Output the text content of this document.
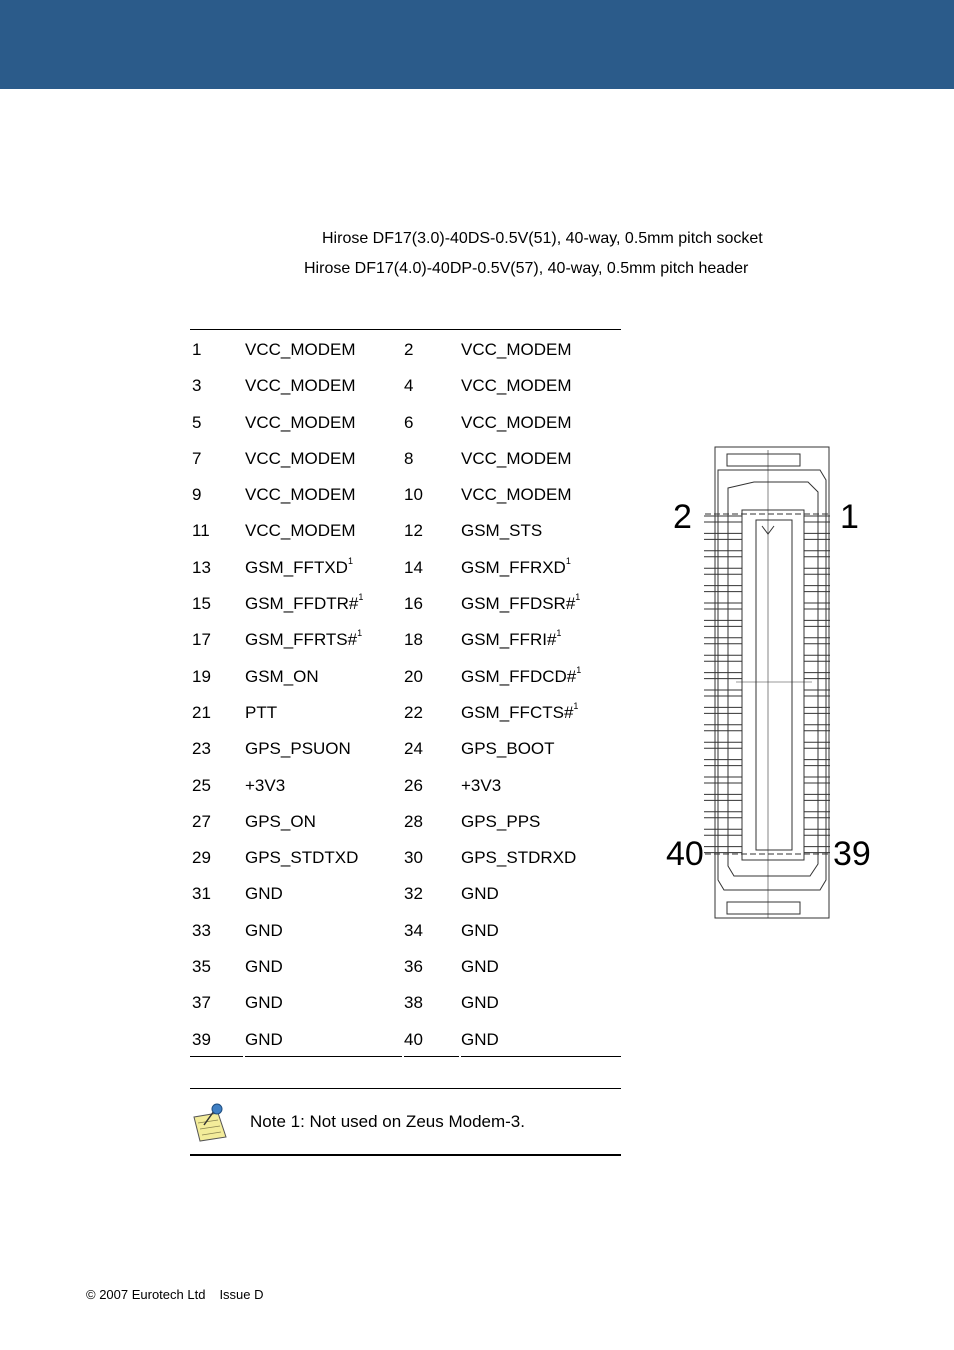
Hirose DF17(3.0)-40DS-0.5V(51), 40-way, 0.5mm pitch socket
Hirose DF17(4.0)-40DP-0.5V(57), 40-way, 0.5mm pitch header
1	VCC_MODEM	2	VCC_MODEM
3	VCC_MODEM	4	VCC_MODEM
5	VCC_MODEM	6	VCC_MODEM
7	VCC_MODEM	8	VCC_MODEM
9	VCC_MODEM	10 VCC_MODEM
11 VCC_MODEM	12 GSM_STS
13 GSM_FFTXD$^1$	14 GSM_FFRXD$^1$
15 GSM_FFDTR#$^1$ 16 GSM_FFDSR#$^1$
17 GSM_FFRTS#$^1$ 18 GSM_FFRI#$^1$
19 GSM_ON	20 GSM_FFDCD#$^1$
21 PTT	22 GSM_FFCTS#$^1$
23 GPS_PSUON	24 GPS_BOOT
25 +3V3	26 +3V3
27 GPS_ON	28 GPS_PPS
29 GPS_STDTXD	30 GPS_STDRXD
31 GND	32 GND
33 GND	34 GND
35 GND	36 GND
37 GND	38 GND
39 GND	40 GND
Note 1: Not used on Zeus Modem-3.
2	1
40	39
© 2007 Eurotech Ltd Issue D
